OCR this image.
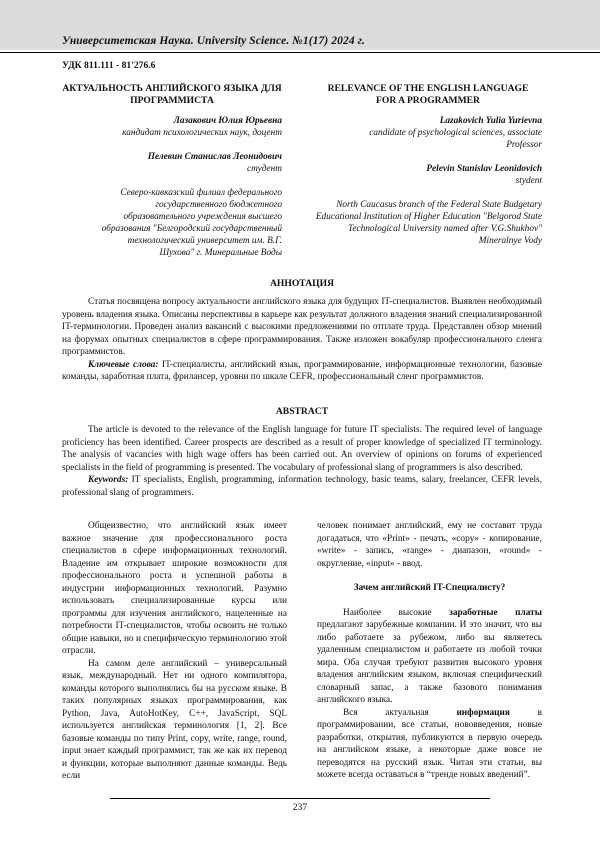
Университетская Наука. University Science. №1(17) 2024 г.
УДК 811.111 - 81'276.6
АКТУАЛЬНОСТЬ АНГЛИЙСКОГО ЯЗЫКА ДЛЯ ПРОГРАММИСТА
RELEVANCE OF THE ENGLISH LANGUAGE FOR A PROGRAMMER
Лазакович Юлия Юрьевна
кандидат психологических наук, доцент
Пелевин Станислав Леонидович
студент
Северо-кавказский филиал федерального государственного бюджетного образовательного учреждения высшего образования "Белгородский государственный технологический университет им. В.Г. Шухова" г. Минеральные Воды
Lazakovich Yulia Yurievna
candidate of psychological sciences, associate Professor
Pelevin Stanislav Leonidovich
stydent
North Caucasus branch of the Federal State Budgetary Educational Institution of Higher Education "Belgorod State Technological University named after V.G.Shukhov" Mineralnye Vody
АННОТАЦИЯ

Статья посвящена вопросу актуальности английского языка для будущих IT-специалистов. Выявлен необходимый уровень владения языка. Описаны перспективы в карьере как результат должного владения знаний специализированной IT-терминологии. Проведен анализ вакансий с высокими предложениями по отплате труда. Представлен обзор мнений на форумах опытных специалистов в сфере программирования. Также изложен вокабуляр профессионального сленга программистов.

Ключевые слова: IT-специалисты, английский язык, программирование, информационные технологии, базовые команды, заработная плата, фрилансер, уровни по шкале CEFR, профессиональный сленг программистов.

ABSTRACT

The article is devoted to the relevance of the English language for future IT specialists. The required level of language proficiency has been identified. Career prospects are described as a result of proper knowledge of specialized IT terminology. The analysis of vacancies with high wage offers has been carried out. An overview of opinions on forums of experienced specialists in the field of programming is presented. The vocabulary of professional slang of programmers is also described.

Keywords: IT specialists, English, programming, information technology, basic teams, salary, freelancer, CEFR levels, professional slang of programmers.

Общеизвестно, что английский язык имеет важное значение для профессионального роста специалистов в сфере информационных технологий. Владение им открывает широкие возможности для профессионального роста и успешной работы в индустрии информационных технологий. Разумно использовать специализированные курсы или программы для изучения английского, нацеленные на потребности IT-специалистов, чтобы освоить не только общие навыки, но и специфическую терминологию этой отрасли.

На самом деле английский – универсальный язык, международный. Нет ни одного компилятора, команды которого выполнялись бы на русском языке. В таких популярных языках программирования, как Python, Java, AutoHotKey, C++, JavaScript, SQL используется английская терминология [1, 2]. Все базовые команды по типу Print, copy, write, range, round, input знает каждый программист, так же как их перевод и функции, которые выполняют данные команды. Ведь если

человек понимает английский, ему не составит труда догадаться, что «Print» - печать, «copy» - копирование, «write» - запись, «range» - диапазон, «round» - округление, «input» - ввод.

Зачем английский IT-Специалисту?

Наиболее высокие заработные платы предлагают зарубежные компании. И это значит, что вы либо работаете за рубежом, либо вы являетесь удаленным специалистом и работаете из любой точки мира. Оба случая требуют развития высокого уровня владения английским языком, включая специфический словарный запас, а также базового понимания английского языка.

Вся актуальная информация в программировании, все статьи, нововведения, новые разработки, открытия, публикуются в первую очередь на английском языке, а некоторые даже вовсе не переводятся на русский язык. Читая эти статьи, вы можете всегда оставаться в “тренде новых введений”.

237
